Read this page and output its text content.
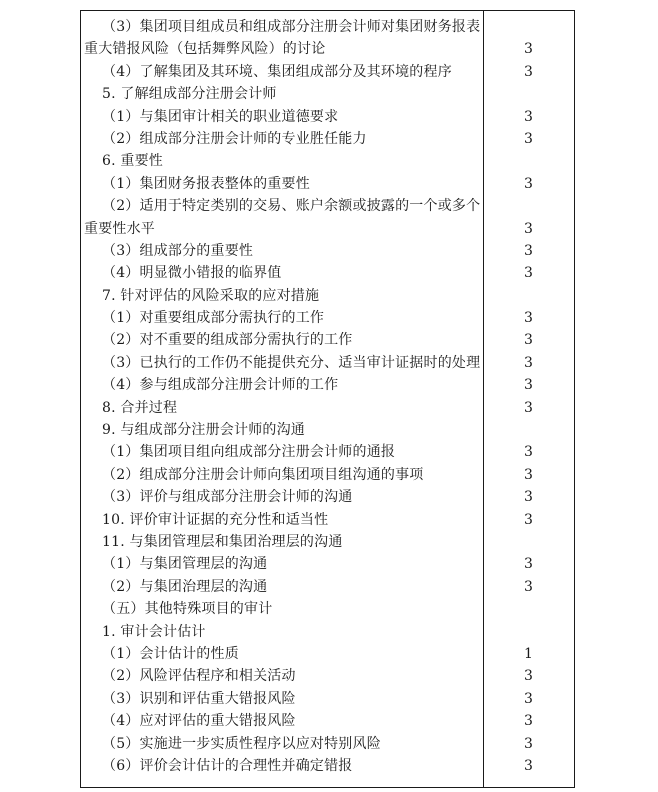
（3）集团项目组成员和组成部分注册会计师对集团财务报表
重大错报风险（包括舞弊风险）的讨论	3
（4）了解集团及其环境、集团组成部分及其环境的程序	3
5. 了解组成部分注册会计师
（1）与集团审计相关的职业道德要求	3
（2）组成部分注册会计师的专业胜任能力	3
6. 重要性
（1）集团财务报表整体的重要性	3
（2）适用于特定类别的交易、账户余额或披露的一个或多个
重要性水平	3
（3）组成部分的重要性	3
（4）明显微小错报的临界值	3
7. 针对评估的风险采取的应对措施
（1）对重要组成部分需执行的工作	3
（2）对不重要的组成部分需执行的工作	3
（3）已执行的工作仍不能提供充分、适当审计证据时的处理	3
（4）参与组成部分注册会计师的工作	3
8. 合并过程	3
9. 与组成部分注册会计师的沟通
（1）集团项目组向组成部分注册会计师的通报	3
（2）组成部分注册会计师向集团项目组沟通的事项	3
（3）评价与组成部分注册会计师的沟通	3
10. 评价审计证据的充分性和适当性	3
11. 与集团管理层和集团治理层的沟通
（1）与集团管理层的沟通	3
（2）与集团治理层的沟通	3
（五）其他特殊项目的审计
1. 审计会计估计
（1）会计估计的性质	1
（2）风险评估程序和相关活动	3
（3）识别和评估重大错报风险	3
（4）应对评估的重大错报风险	3
（5）实施进一步实质性程序以应对特别风险	3
（6）评价会计估计的合理性并确定错报	3
